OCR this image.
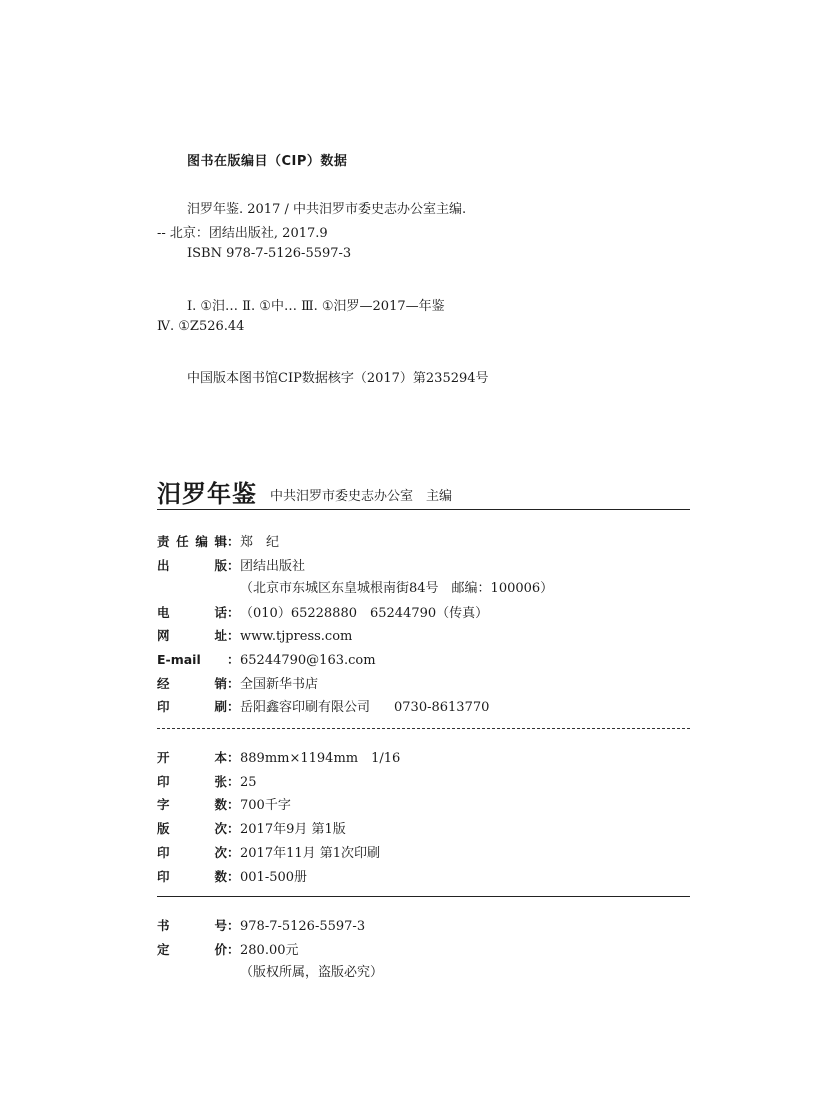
图书在版编目（CIP）数据
汨罗年鉴. 2017 / 中共汨罗市委史志办公室主编.
-- 北京：团结出版社, 2017.9
ISBN 978-7-5126-5597-3
Ⅰ. ①汨… Ⅱ. ①中… Ⅲ. ①汨罗—2017—年鉴
Ⅳ. ①Z526.44
中国版本图书馆CIP数据核字（2017）第235294号
汨罗年鉴 中共汨罗市委史志办公室　主编
责 任 编 辑 ：郑　纪
出	版 ：团结出版社
（北京市东城区东皇城根南街84号　邮编：100006）
电	话 ：（010）65228880　65244790（传真）
网	址 ：www.tjpress.com
E-mail ：65244790@163.com
经	销 ：全国新华书店
印	刷 ：岳阳鑫容印刷有限公司 0730-8613770
开	本 ：889mm×1194mm　1/16
印	张 ：25
字	数 ：700千字
版	次 ：2017年9月 第1版
印	次 ：2017年11月 第1次印刷
印	数 ：001-500册
书	号 ：978-7-5126-5597-3
定	价 ：280.00元
（版权所属，盗版必究）
